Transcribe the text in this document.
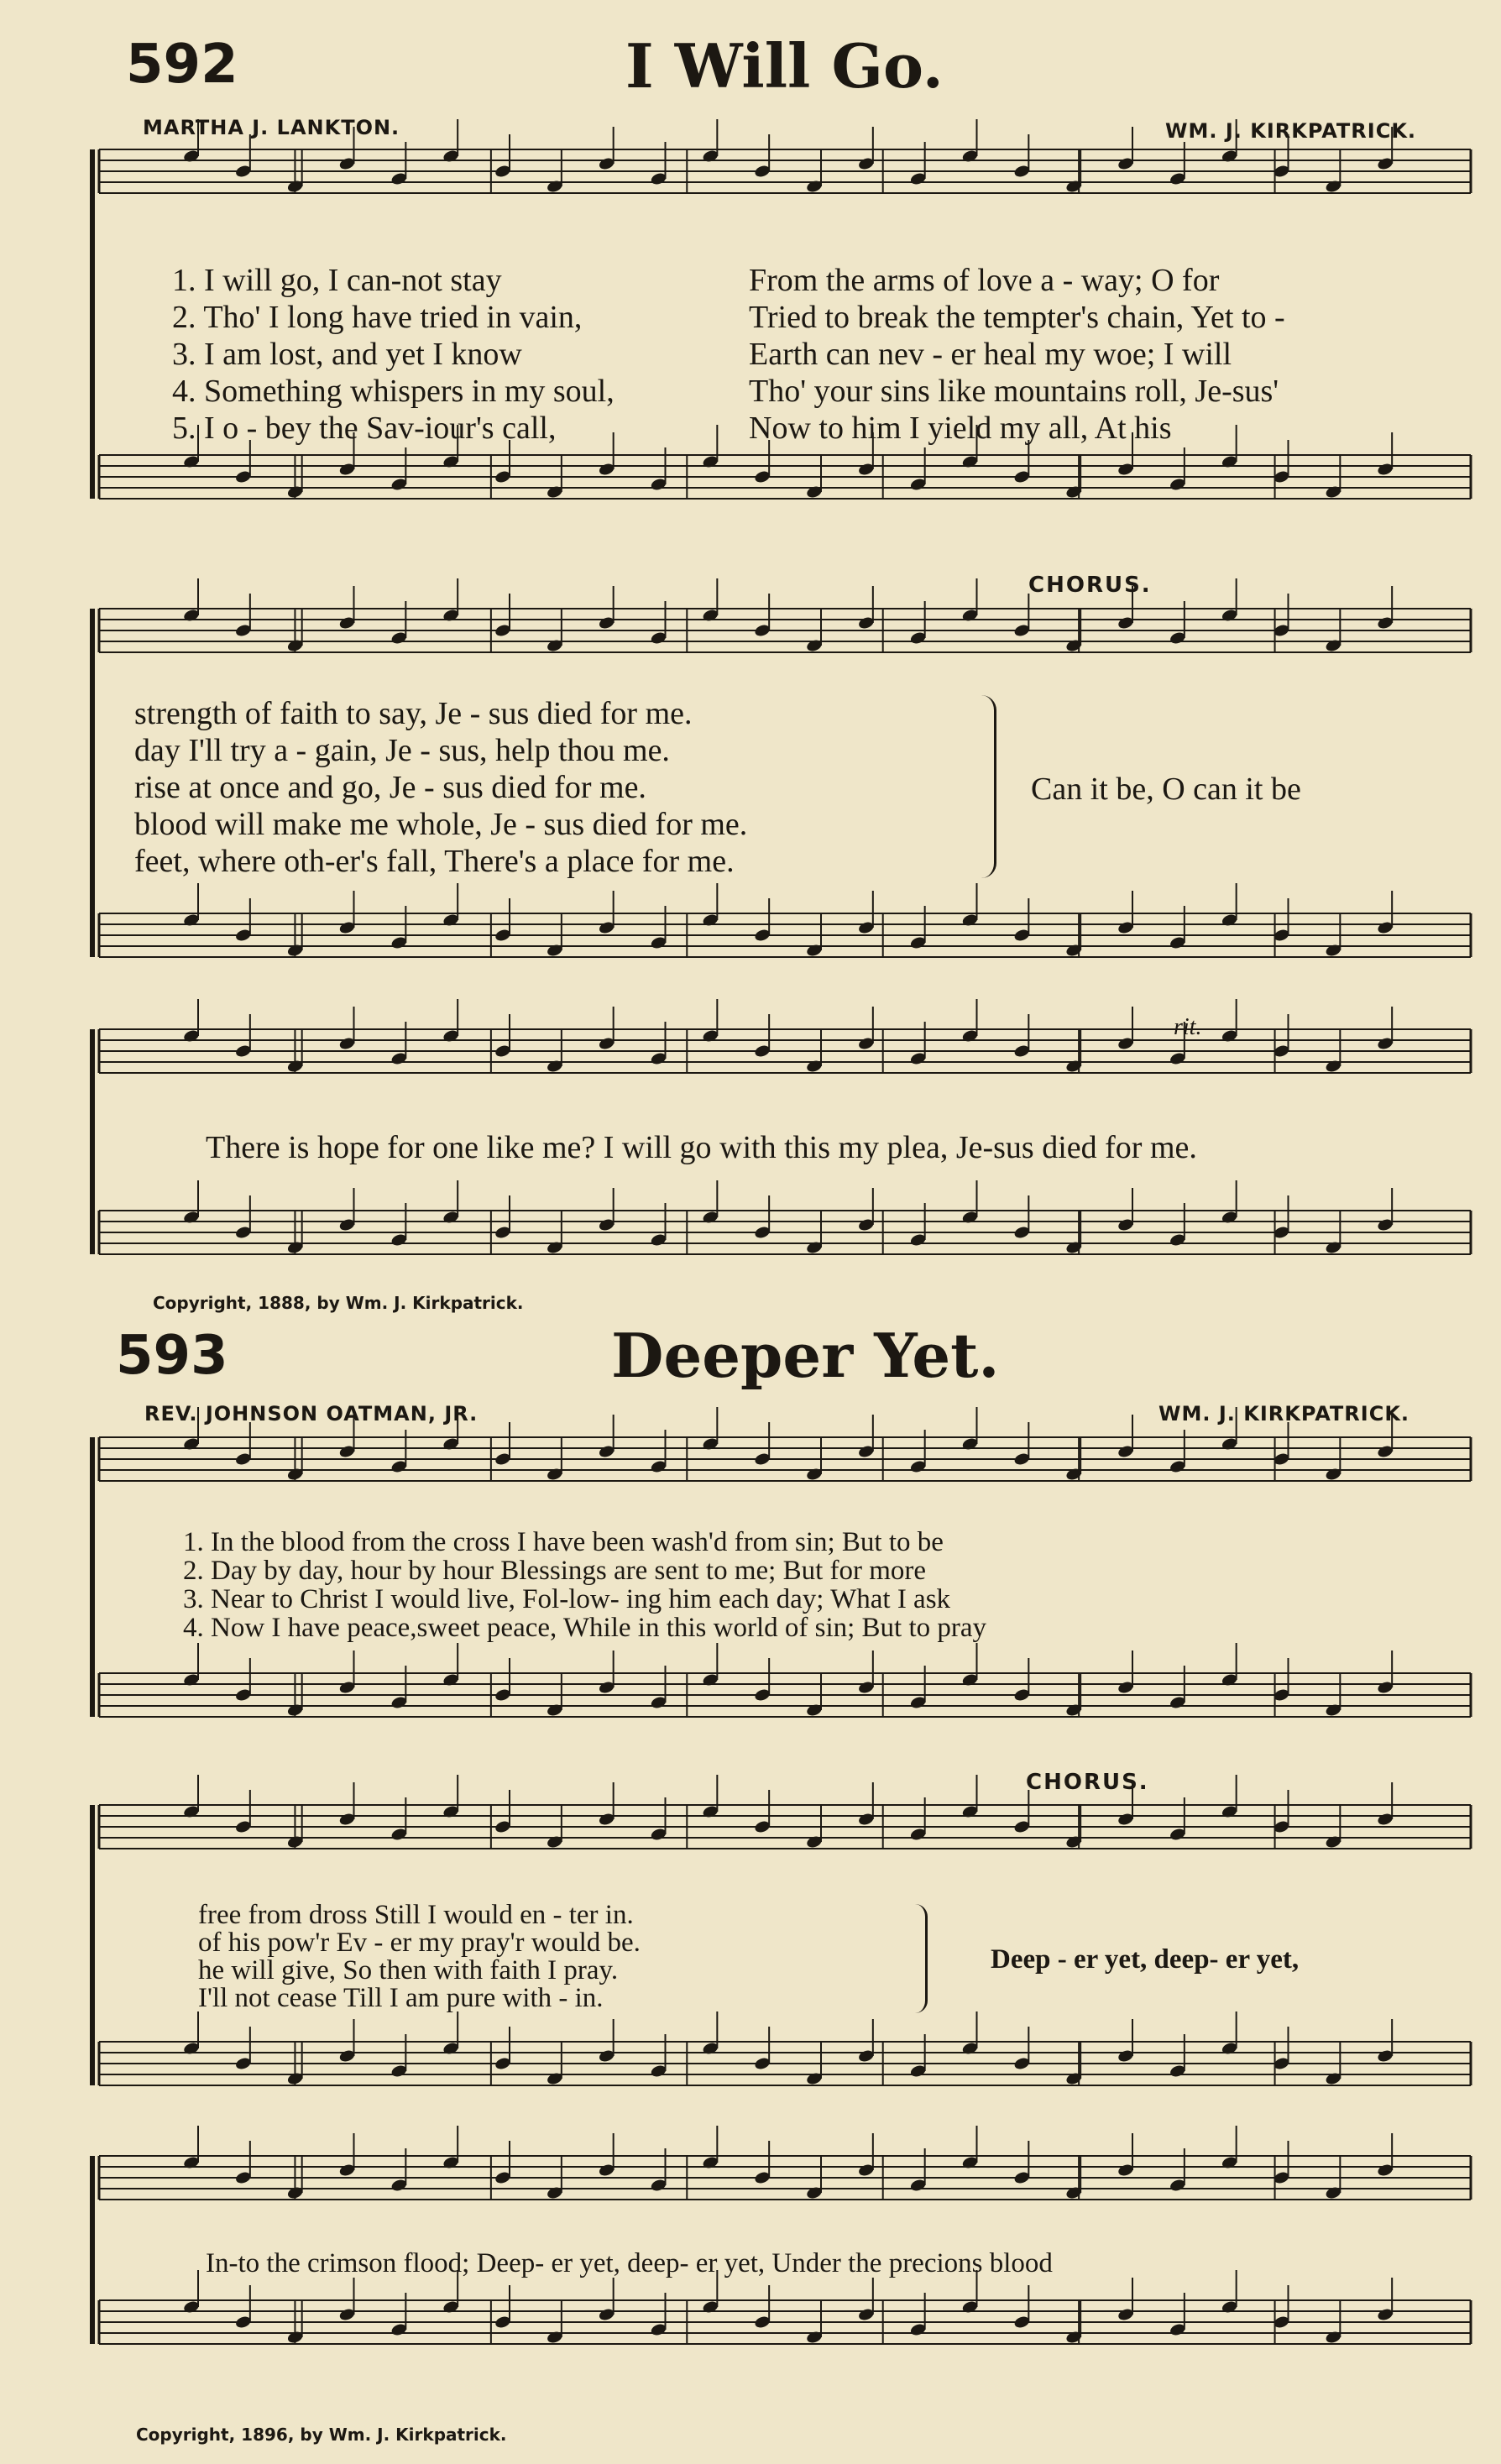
592	I Will Go.
MARTHA J. LANKTON.	WM. J. KIRKPATRICK.
1. I will go, I can-not stay
2. Tho' I long have tried in vain,
3. I am lost, and yet I know
4. Something whispers in my soul,
5. I o - bey the Sav-iour's call,
From the arms of love a - way; O for
Tried to break the tempter's chain, Yet to -
Earth can nev - er heal my woe; I will
Tho' your sins like mountains roll, Je-sus'
Now to him I yield my all, At his
CHORUS.
strength of faith to say, Je - sus died for me.
day I'll try a - gain, Je - sus, help thou me.
rise at once and go, Je - sus died for me.
blood will make me whole, Je - sus died for me.
feet, where oth-er's fall, There's a place for me.
Can it be, O can it be
rit.
There is hope for one like me? I will go with this my plea, Je-sus died for me.
Copyright, 1888, by Wm. J. Kirkpatrick.
593	Deeper Yet.
REV. JOHNSON OATMAN, JR.	WM. J. KIRKPATRICK.
1. In the blood from the cross I have been wash'd from sin; But to be
2. Day by day, hour by hour Blessings are sent to me; But for more
3. Near to Christ I would live, Fol-low- ing him each day; What I ask
4. Now I have peace,sweet peace, While in this world of sin; But to pray
CHORUS.
free from dross Still I would en - ter in.
of his pow'r Ev - er my pray'r would be.
he will give, So then with faith I pray.
I'll not cease Till I am pure with - in.
Deep - er yet, deep- er yet,
In-to the crimson flood; Deep- er yet, deep- er yet, Under the precions blood
Copyright, 1896, by Wm. J. Kirkpatrick.
